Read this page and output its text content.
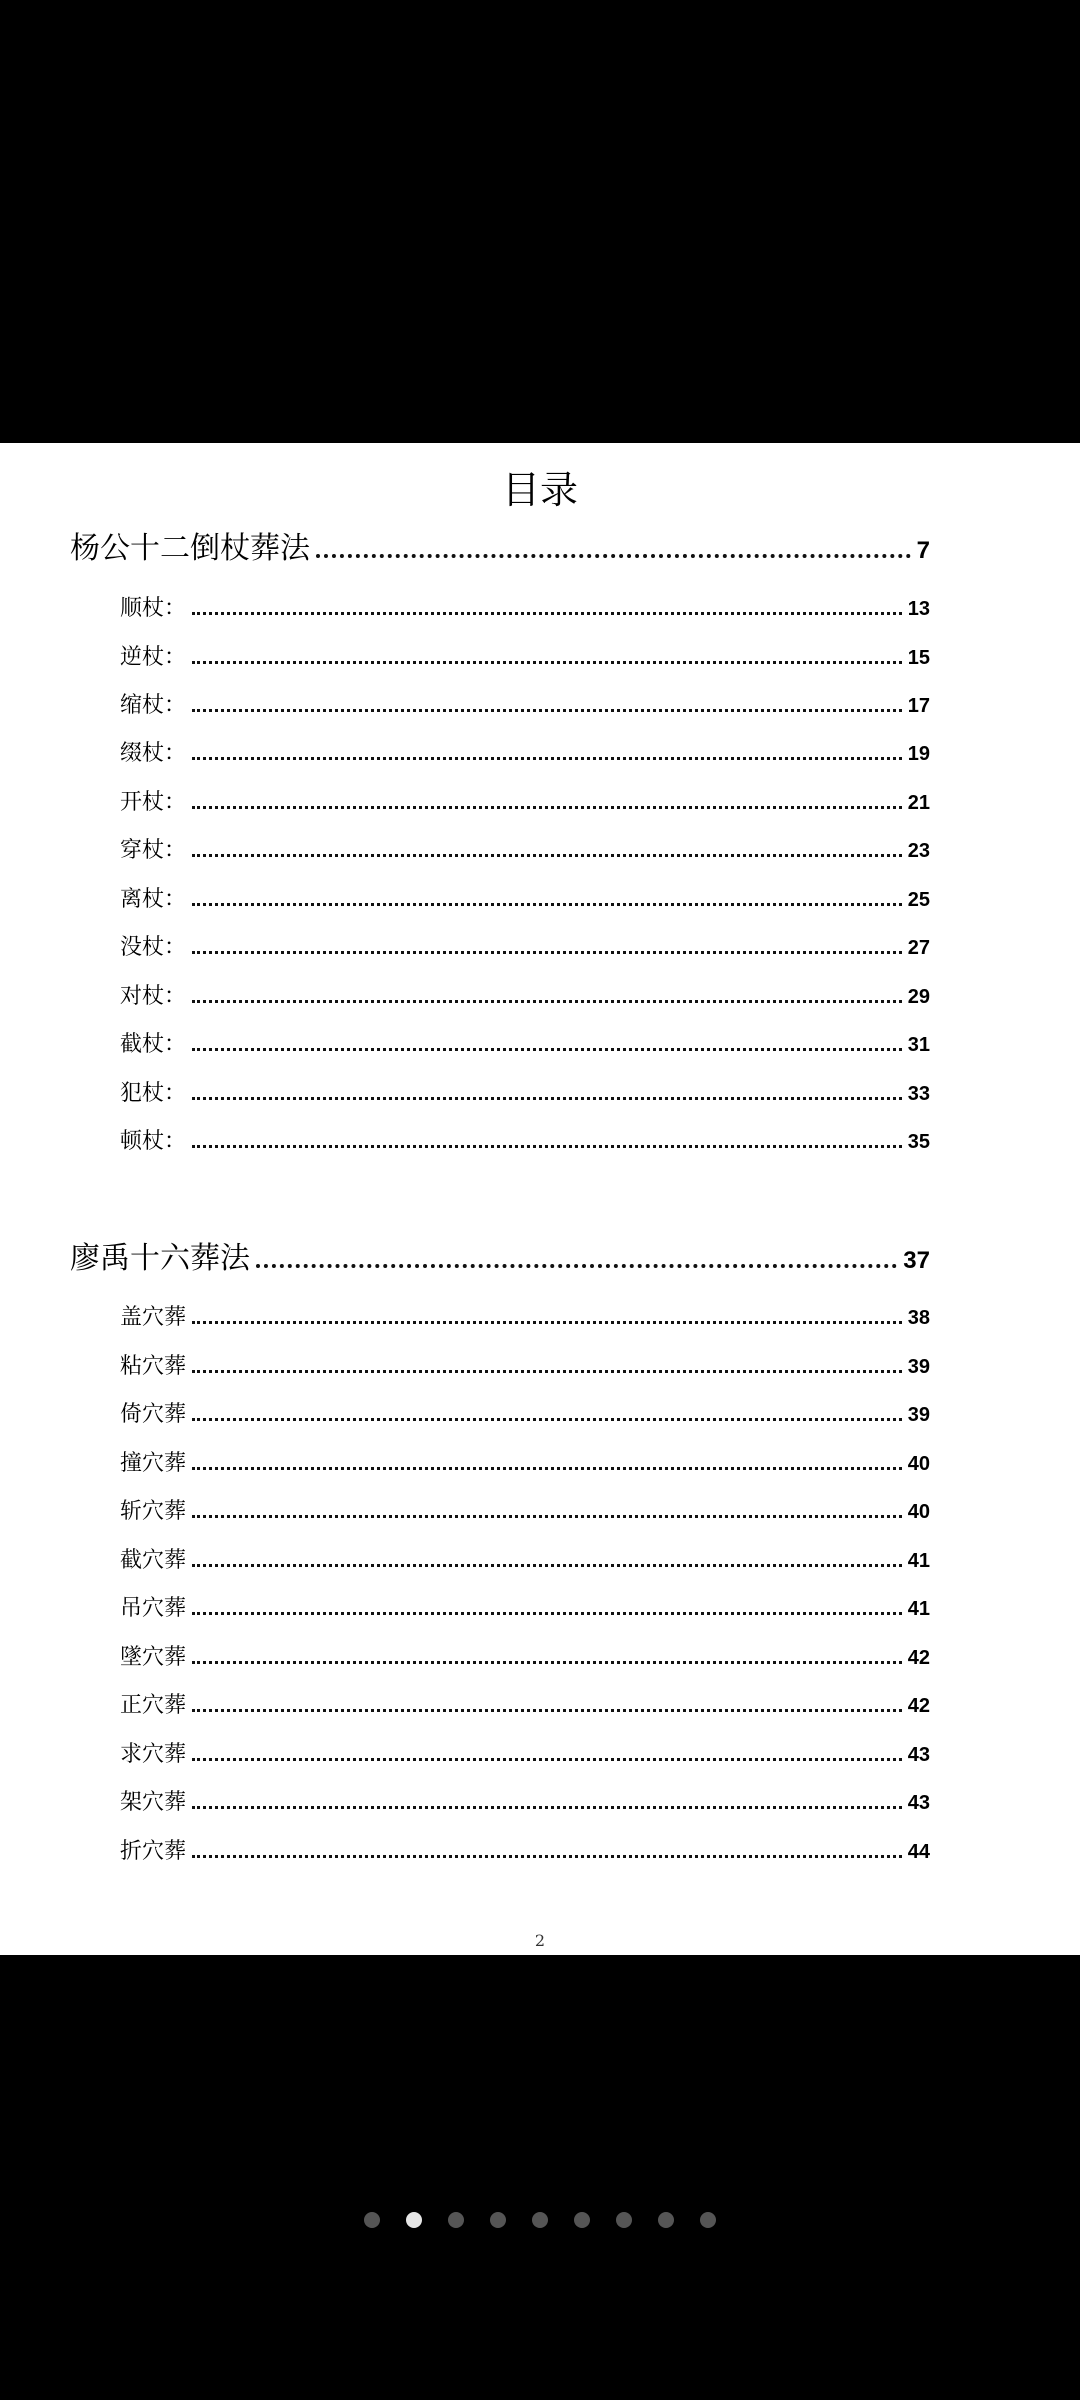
目录
杨公十二倒杖葬法	7
顺杖：	13
逆杖：	15
缩杖：	17
缀杖：	19
开杖：	21
穿杖：	23
离杖：	25
没杖：	27
对杖：	29
截杖：	31
犯杖：	33
顿杖：	35
廖禹十六葬法	37
盖穴葬	38
粘穴葬	39
倚穴葬	39
撞穴葬	40
斩穴葬	40
截穴葬	41
吊穴葬	41
墜穴葬	42
正穴葬	42
求穴葬	43
架穴葬	43
折穴葬	44
2
